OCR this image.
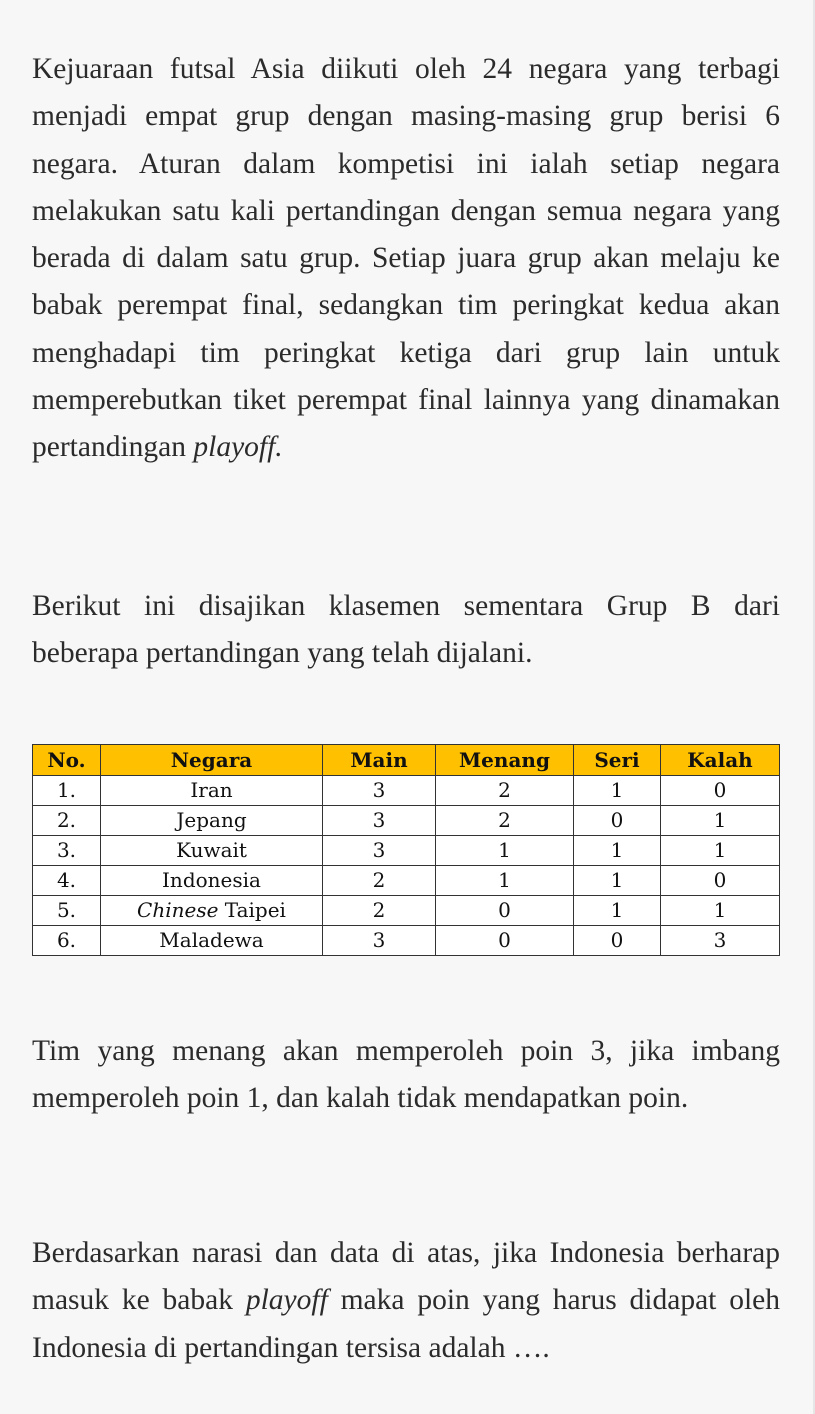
Kejuaraan futsal Asia diikuti oleh 24 negara yang terbagi menjadi empat grup dengan masing-masing grup berisi 6 negara. Aturan dalam kompetisi ini ialah setiap negara melakukan satu kali pertandingan dengan semua negara yang berada di dalam satu grup. Setiap juara grup akan melaju ke babak perempat final, sedangkan tim peringkat kedua akan menghadapi tim peringkat ketiga dari grup lain untuk memperebutkan tiket perempat final lainnya yang dinamakan pertandingan playoff.

Berikut ini disajikan klasemen sementara Grup B dari beberapa pertandingan yang telah dijalani.

No.	Negara	Main	Menang	Seri	Kalah
1.	Iran	3	2	1	0
2.	Jepang	3	2	0	1
3.	Kuwait	3	1	1	1
4.	Indonesia	2	1	1	0
5.	Chinese Taipei	2	0	1	1
6.	Maladewa	3	0	0	3

Tim yang menang akan memperoleh poin 3, jika imbang memperoleh poin 1, dan kalah tidak mendapatkan poin.

Berdasarkan narasi dan data di atas, jika Indonesia berharap masuk ke babak playoff maka poin yang harus didapat oleh Indonesia di pertandingan tersisa adalah ….
